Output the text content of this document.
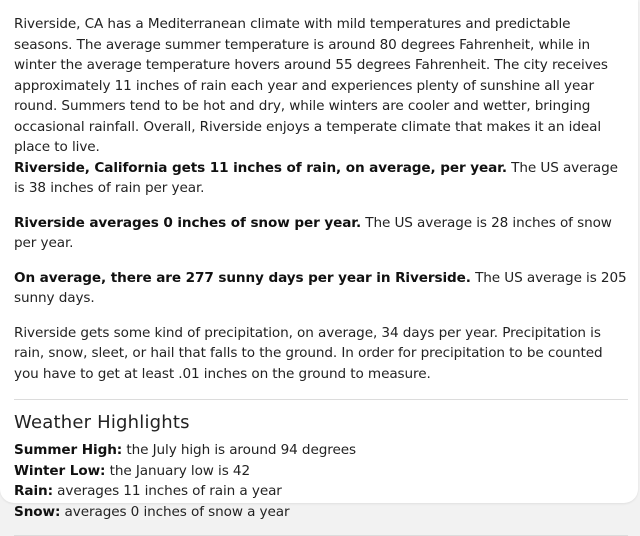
Riverside, CA has a Mediterranean climate with mild temperatures and predictable seasons. The average summer temperature is around 80 degrees Fahrenheit, while in winter the average temperature hovers around 55 degrees Fahrenheit. The city receives approximately 11 inches of rain each year and experiences plenty of sunshine all year round. Summers tend to be hot and dry, while winters are cooler and wetter, bringing occasional rainfall. Overall, Riverside enjoys a temperate climate that makes it an ideal place to live.

Riverside, California gets 11 inches of rain, on average, per year. The US average is 38 inches of rain per year.

Riverside averages 0 inches of snow per year. The US average is 28 inches of snow per year.

On average, there are 277 sunny days per year in Riverside. The US average is 205 sunny days.

Riverside gets some kind of precipitation, on average, 34 days per year. Precipitation is rain, snow, sleet, or hail that falls to the ground. In order for precipitation to be counted you have to get at least .01 inches on the ground to measure.

Weather Highlights

Summer High: the July high is around 94 degrees

Winter Low: the January low is 42

Rain: averages 11 inches of rain a year

Snow: averages 0 inches of snow a year
